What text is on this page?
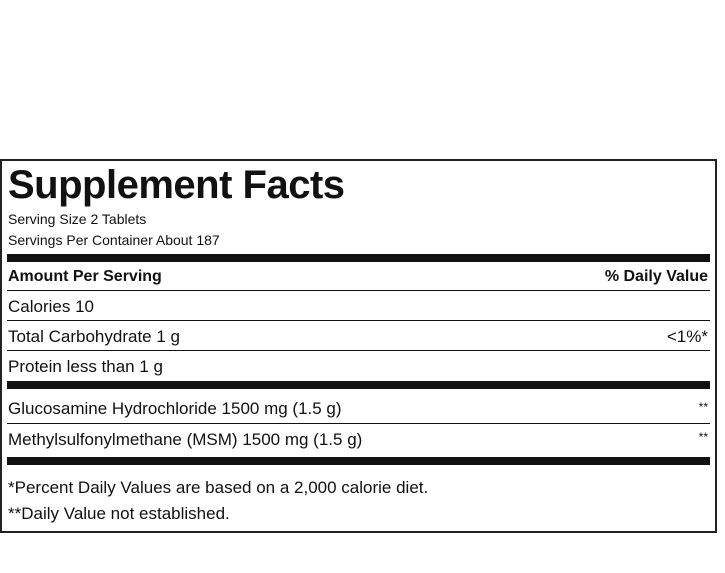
Supplement Facts
Serving Size 2 Tablets
Servings Per Container About 187
Amount Per Serving	% Daily Value
Calories 10
Total Carbohydrate 1 g	<1%*
Protein less than 1 g
Glucosamine Hydrochloride 1500 mg (1.5 g)	**
Methylsulfonylmethane (MSM) 1500 mg (1.5 g)	**
*Percent Daily Values are based on a 2,000 calorie diet.
**Daily Value not established.
